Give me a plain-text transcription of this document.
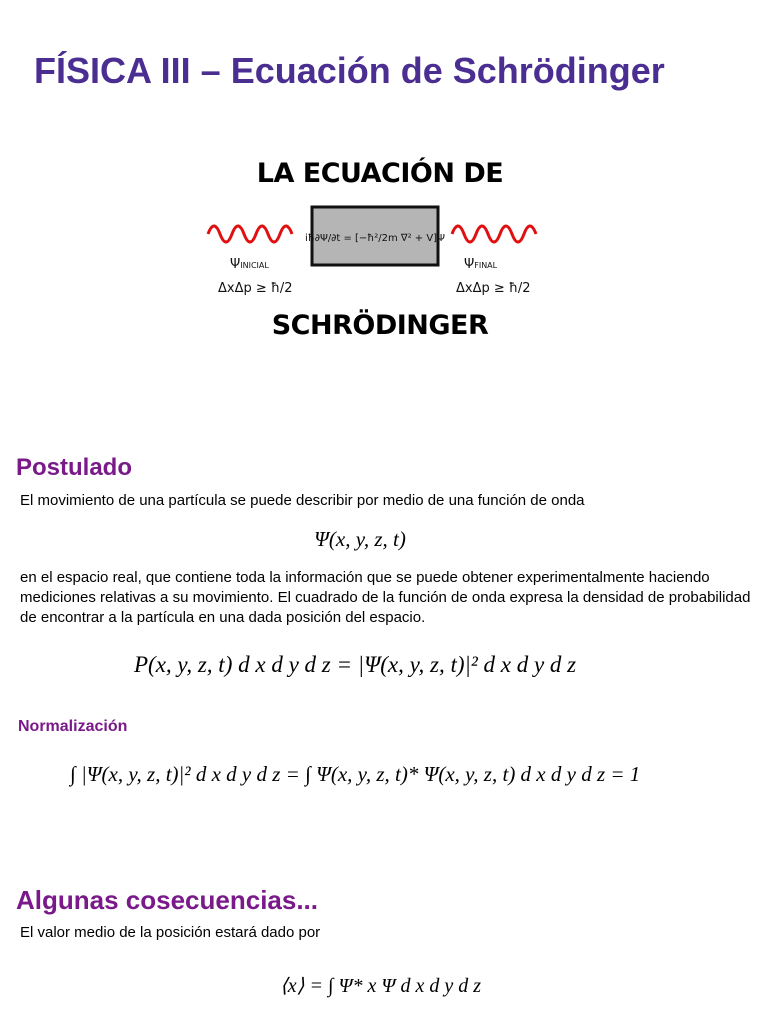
FÍSICA III – Ecuación de Schrödinger
LA ECUACIÓN DE
iħ∂Ψ/∂t = [−ħ²/2m ∇² + V]Ψ
ΨINICIAL
ΔxΔp ≥ ħ/2
ΨFINAL
ΔxΔp ≥ ħ/2
SCHRÖDINGER
Postulado

El movimiento de una partícula se puede describir por medio de una función de onda

Ψ(x, y, z, t)

en el espacio real, que contiene toda la información que se puede obtener experimentalmente haciendo mediciones relativas a su movimiento. El cuadrado de la función de onda expresa la densidad de probabilidad de encontrar a la partícula en una dada posición del espacio.

P(x, y, z, t) d x d y d z = |Ψ(x, y, z, t)|² d x d y d z
Normalización
∫ |Ψ(x, y, z, t)|² d x d y d z = ∫ Ψ(x, y, z, t)* Ψ(x, y, z, t) d x d y d z = 1
Algunas cosecuencias...

El valor medio de la posición estará dado por

⟨x⟩ = ∫ Ψ* x Ψ d x d y d z
